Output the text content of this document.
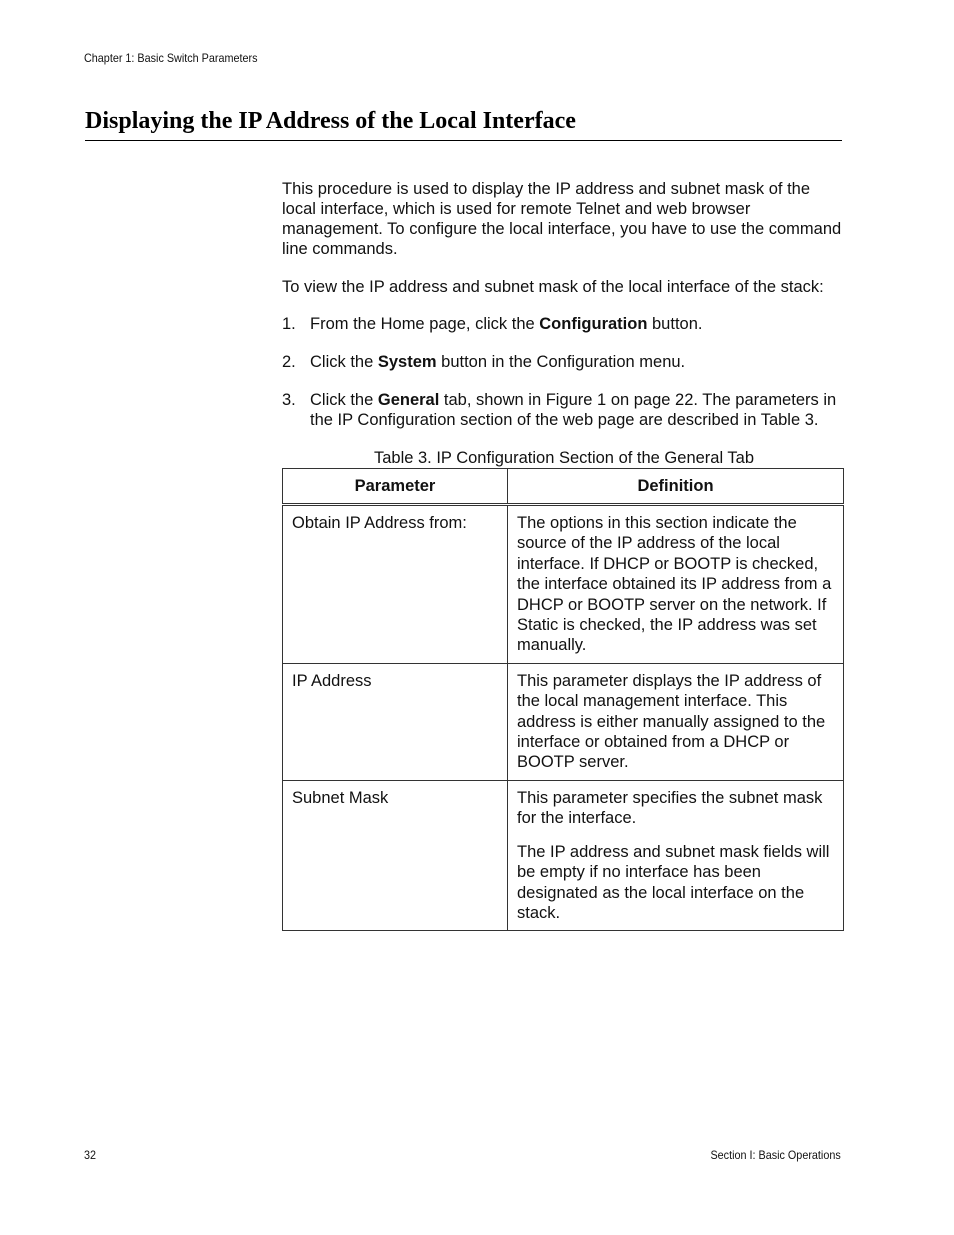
Chapter 1: Basic Switch Parameters
Displaying the IP Address of the Local Interface

This procedure is used to display the IP address and subnet mask of the local interface, which is used for remote Telnet and web browser management. To configure the local interface, you have to use the command line commands.

To view the IP address and subnet mask of the local interface of the stack:

1. From the Home page, click the Configuration button.
2. Click the System button in the Configuration menu.
3. Click the General tab, shown in Figure 1 on page 22. The parameters in the IP Configuration section of the web page are described in Table 3.

Table 3. IP Configuration Section of the General Tab

Parameter	Definition
Obtain IP Address from:	The options in this section indicate the source of the IP address of the local interface. If DHCP or BOOTP is checked, the interface obtained its IP address from a DHCP or BOOTP server on the network. If Static is checked, the IP address was set manually.

IP Address	This parameter displays the IP address of the local management interface. This address is either manually assigned to the interface or obtained from a DHCP or BOOTP server.

Subnet Mask	This parameter specifies the subnet mask for the interface.

The IP address and subnet mask fields will be empty if no interface has been designated as the local interface on the stack.

32	Section I: Basic Operations
